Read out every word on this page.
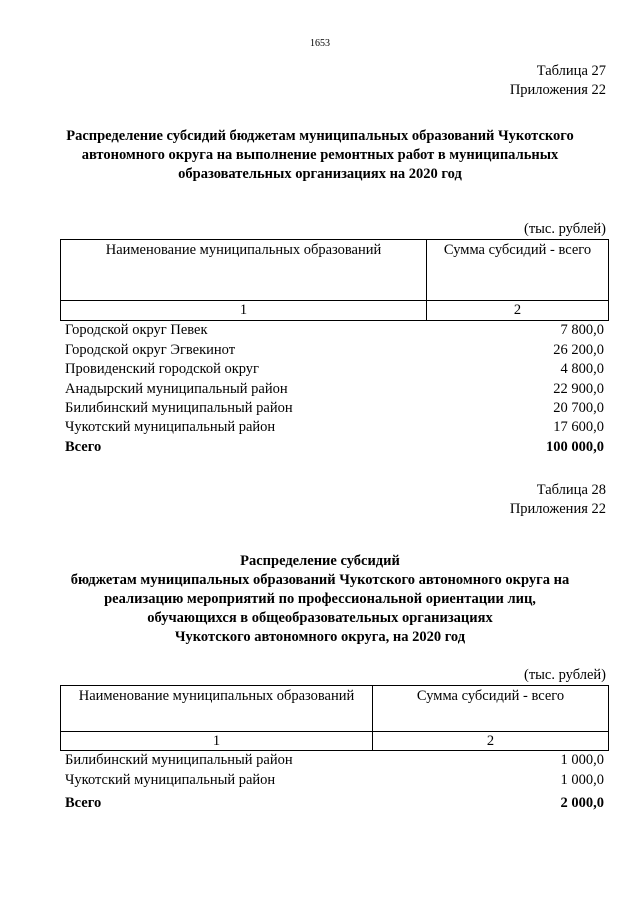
1653
Таблица 27
Приложения 22
Распределение субсидий бюджетам муниципальных образований Чукотского
автономного округа на выполнение ремонтных работ в муниципальных
образовательных организациях на 2020 год
(тыс. рублей)
Наименование муниципальных образований	Сумма субсидий - всего
1	2
Городской округ Певек	7 800,0
Городской округ Эгвекинот	26 200,0
Провиденский городской округ	4 800,0
Анадырский муниципальный район	22 900,0
Билибинский муниципальный район	20 700,0
Чукотский муниципальный район	17 600,0
Всего	100 000,0
Таблица 28
Приложения 22
Распределение субсидий
бюджетам муниципальных образований Чукотского автономного округа на
реализацию мероприятий по профессиональной ориентации лиц,
обучающихся в общеобразовательных организациях
Чукотского автономного округа, на 2020 год
(тыс. рублей)
Наименование муниципальных образований	Сумма субсидий - всего
1	2
Билибинский муниципальный район	1 000,0
Чукотский муниципальный район	1 000,0
Всего	2 000,0
